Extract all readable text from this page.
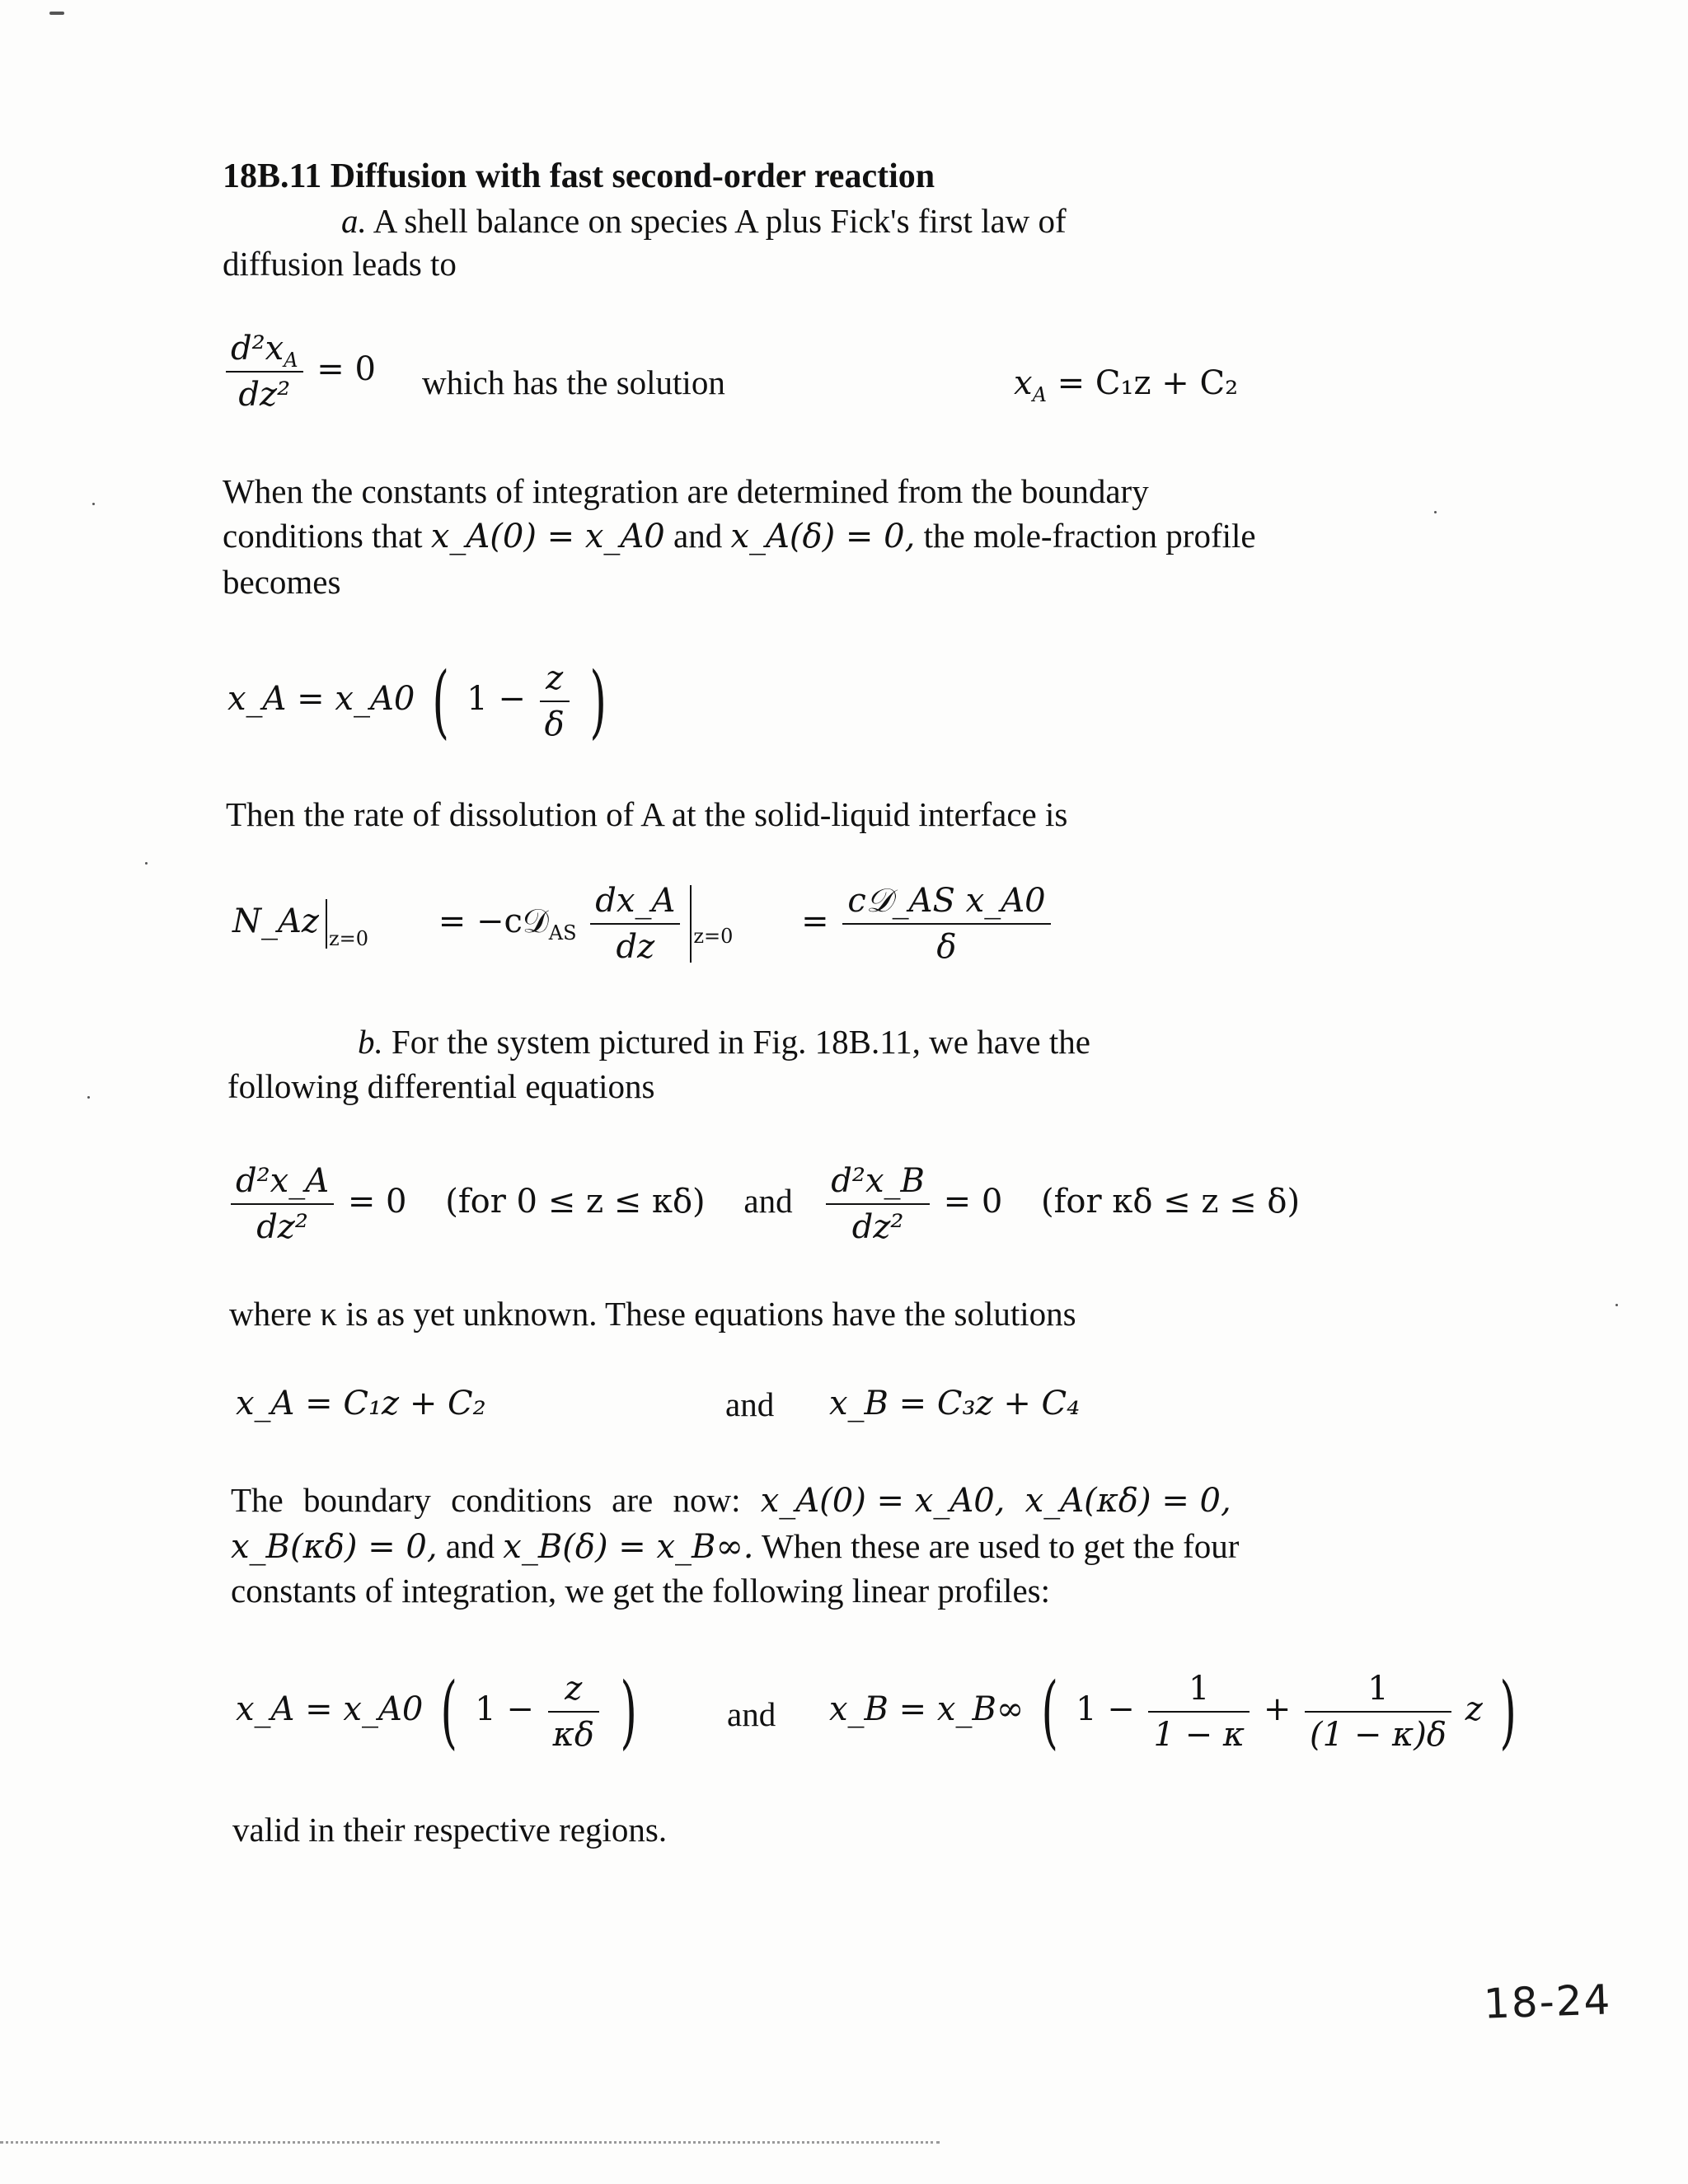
18B.11 Diffusion with fast second-order reaction
a. A shell balance on species A plus Fick's first law of
diffusion leads to
$\frac{d^2x_A}{\text{dz²}} = 0$ which has the solution	$x_A = C_1z + C_2$
When the constants of integration are determined from the boundary
conditions that x_A(0) = x_A0 and x_A(δ) = 0, the mole-fraction profile
becomes
x_A = x_A0 ( $1 - \frac{z}{\delta}$ )
Then the rate of dissolution of A at the solid-liquid interface is
N_Az $_{z=0}$ = −c𝒟$_{AS}$ $\frac{dx\_A}{dz} _{z=0} = \frac{\text{c𝒟\_AS x\_A0}}{\delta}$
b. For the system pictured in Fig. 18B.11, we have the
following differential equations
$\frac{\text{d²x\_A}}{\text{dz²}} = 0$ (for 0 ≤ z ≤ κδ) and $\frac{\text{d²x\_B}}{\text{dz²}} = 0$ (for κδ ≤ z ≤ δ)
where κ is as yet unknown. These equations have the solutions
x_A = C₁z + C₂	and x_B = C₃z + C₄
The boundary conditions are now: x_A(0) = x_A0, x_A(κδ) = 0,
x_B(κδ) = 0, and x_B(δ) = x_B∞. When these are used to get the four
constants of integration, we get the following linear profiles:
x_A = x_A0 ( $1 - \frac{z}{\kappa\delta}$ )	and x_B = x_B∞ ( $1 - \frac{1}{1 - \kappa} + \frac{1}{(1 - \kappa)\delta}$ z )
valid in their respective regions.
18-24
